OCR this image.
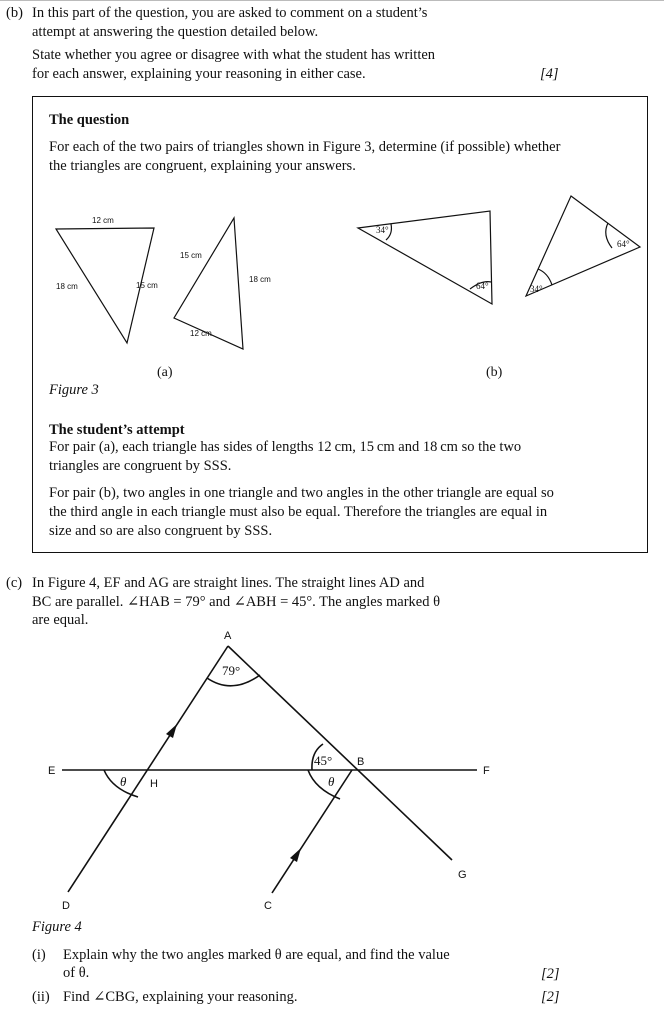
(b) In this part of the question, you are asked to comment on a student’s
attempt at answering the question detailed below.
State whether you agree or disagree with what the student has written
for each answer, explaining your reasoning in either case.	[4]
The question
For each of the two pairs of triangles shown in Figure 3, determine (if possible) whether
the triangles are congruent, explaining your answers.
12 cm
18 cm	15 cm
15 cm
18 cm
12 cm
34°
64°
64°
34°
(a)	(b)
Figure 3
The student’s attempt
For pair (a), each triangle has sides of lengths 12 cm, 15 cm and 18 cm so the two
triangles are congruent by SSS.
For pair (b), two angles in one triangle and two angles in the other triangle are equal so
the third angle in each triangle must also be equal. Therefore the triangles are equal in
size and so are also congruent by SSS.
(c) In Figure 4, EF and AG are straight lines. The straight lines AD and
BC are parallel. ∠HAB = 79° and ∠ABH = 45°. The angles marked θ
are equal.
A
B
E	F
H
G
D	C
79°
45°
θ	θ
Figure 4
(i) Explain why the two angles marked θ are equal, and find the value
of θ.	[2]
(ii) Find ∠CBG, explaining your reasoning.	[2]
